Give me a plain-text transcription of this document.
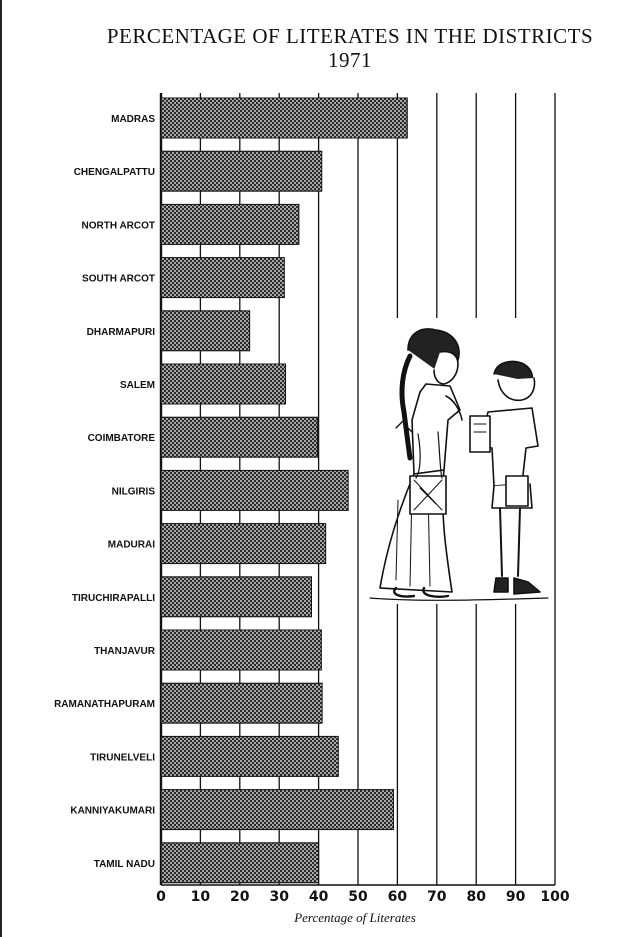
PERCENTAGE OF LITERATES IN THE DISTRICTS
1971
MADRAS
CHENGALPATTU
NORTH ARCOT
SOUTH ARCOT
DHARMAPURI
SALEM
COIMBATORE
NILGIRIS
MADURAI
TIRUCHIRAPALLI
THANJAVUR
RAMANATHAPURAM
TIRUNELVELI
KANNIYAKUMARI
TAMIL NADU
0 10 20 30 40 50 60 70 80 90 100
Percentage of Literates
